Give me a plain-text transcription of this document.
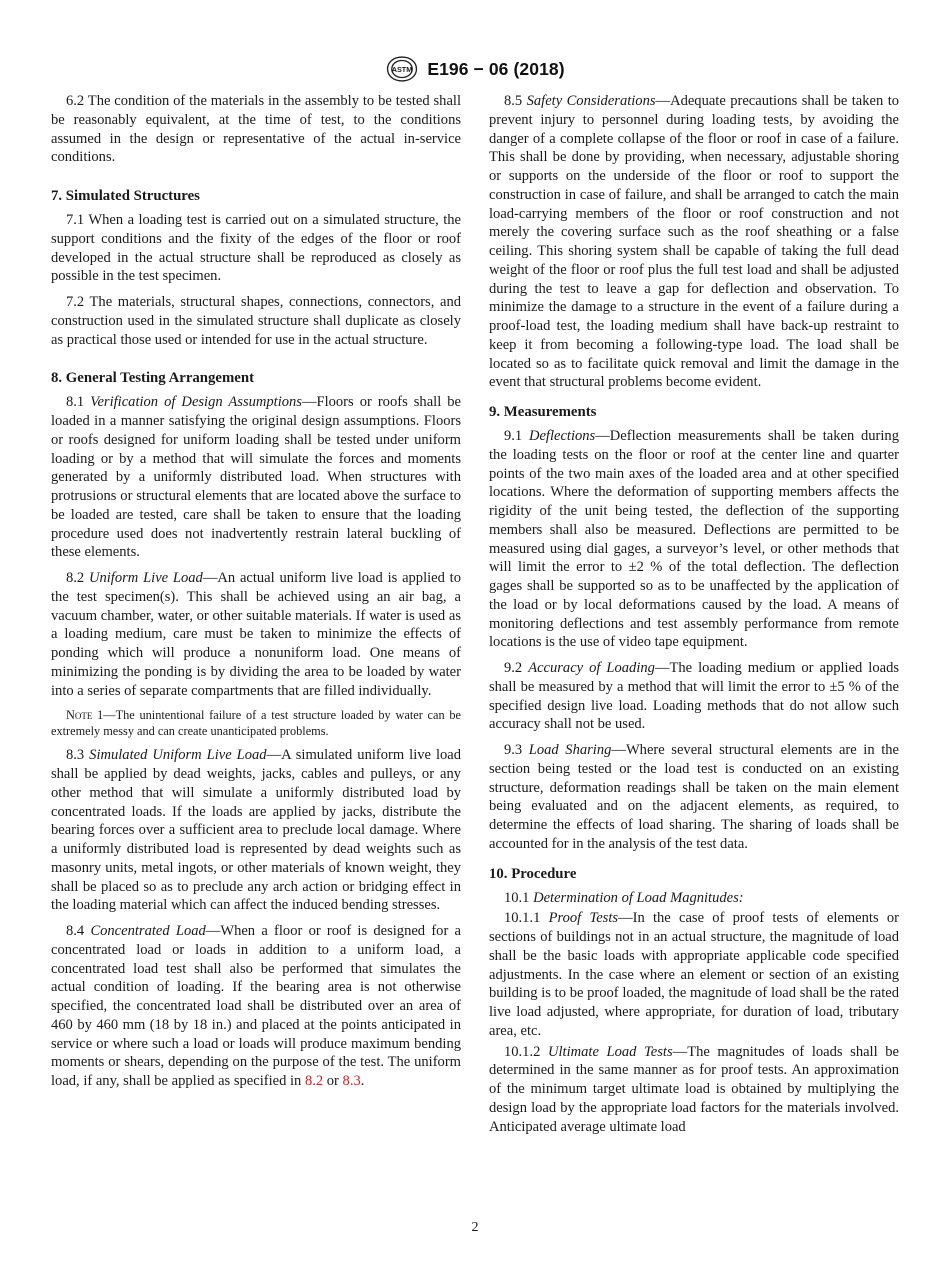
ASTM E196 − 06 (2018)

6.2 The condition of the materials in the assembly to be tested shall be reasonably equivalent, at the time of test, to the conditions assumed in the design or representative of the actual in-service conditions.

7. Simulated Structures

7.1 When a loading test is carried out on a simulated structure, the support conditions and the fixity of the edges of the floor or roof developed in the actual structure shall be reproduced as closely as possible in the test specimen.

7.2 The materials, structural shapes, connections, connectors, and construction used in the simulated structure shall duplicate as closely as practical those used or intended for use in the actual structure.

8. General Testing Arrangement

8.1 Verification of Design Assumptions—Floors or roofs shall be loaded in a manner satisfying the original design assumptions. Floors or roofs designed for uniform loading shall be tested under uniform loading or by a method that will simulate the forces and moments generated by a uniformly distributed load. When structures with protrusions or structural elements that are located above the surface to be loaded are tested, care shall be taken to ensure that the loading procedure used does not inadvertently restrain lateral buckling of these elements.

8.2 Uniform Live Load—An actual uniform live load is applied to the test specimen(s). This shall be achieved using an air bag, a vacuum chamber, water, or other suitable materials. If water is used as a loading medium, care must be taken to minimize the effects of ponding which will produce a nonuniform load. One means of minimizing the ponding is by dividing the area to be loaded by water into a series of separate compartments that are filled individually.

Note 1—The unintentional failure of a test structure loaded by water can be extremely messy and can create unanticipated problems.

8.3 Simulated Uniform Live Load—A simulated uniform live load shall be applied by dead weights, jacks, cables and pulleys, or any other method that will simulate a uniformly distributed load by concentrated loads. If the loads are applied by jacks, distribute the bearing forces over a sufficient area to preclude local damage. Where a uniformly distributed load is represented by dead weights such as masonry units, metal ingots, or other materials of known weight, they shall be placed so as to preclude any arch action or bridging effect in the loading material which can affect the induced bending stresses.

8.4 Concentrated Load—When a floor or roof is designed for a concentrated load or loads in addition to a uniform load, a concentrated load test shall also be performed that simulates the actual condition of loading. If the bearing area is not otherwise specified, the concentrated load shall be distributed over an area of 460 by 460 mm (18 by 18 in.) and placed at the points anticipated in service or where such a load or loads will produce maximum bending moments or shears, depending on the purpose of the test. The uniform load, if any, shall be applied as specified in 8.2 or 8.3.

8.5 Safety Considerations—Adequate precautions shall be taken to prevent injury to personnel during loading tests, by avoiding the danger of a complete collapse of the floor or roof in case of a failure. This shall be done by providing, when necessary, adjustable shoring or supports on the underside of the floor or roof to support the construction in case of failure, and shall be arranged to catch the main load-carrying members of the floor or roof construction and not merely the covering surface such as the roof sheathing or a false ceiling. This shoring system shall be capable of taking the full dead weight of the floor or roof plus the full test load and shall be adjusted during the test to leave a gap for deflection and observation. To minimize the damage to a structure in the event of a failure during a proof-load test, the loading medium shall have back-up restraint to keep it from becoming a following-type load. The load shall be located so as to facilitate quick removal and limit the damage in the event that structural problems become evident.

9. Measurements

9.1 Deflections—Deflection measurements shall be taken during the loading tests on the floor or roof at the center line and quarter points of the two main axes of the loaded area and at other specified locations. Where the deformation of supporting members affects the rigidity of the unit being tested, the deflection of the supporting members shall also be measured. Deflections are permitted to be measured using dial gages, a surveyor’s level, or other methods that will limit the error to ±2 % of the total deflection. The deflection gages shall be supported so as to be unaffected by the application of the load or by local deformations caused by the load. A means of monitoring deflections and test assembly performance from remote locations is the use of video tape equipment.

9.2 Accuracy of Loading—The loading medium or applied loads shall be measured by a method that will limit the error to ±5 % of the specified design live load. Loading methods that do not allow such accuracy shall not be used.

9.3 Load Sharing—Where several structural elements are in the section being tested or the load test is conducted on an existing structure, deformation readings shall be taken on the main element being evaluated and on the adjacent elements, as required, to determine the effects of load sharing. The sharing of loads shall be accounted for in the analysis of the test data.

10. Procedure

10.1 Determination of Load Magnitudes:

10.1.1 Proof Tests—In the case of proof tests of elements or sections of buildings not in an actual structure, the magnitude of load shall be the basic loads with appropriate applicable code specified adjustments. In the case where an element or section of an existing building is to be proof loaded, the magnitude of load shall be the rated live load adjusted, where appropriate, for duration of load, tributary area, etc.

10.1.2 Ultimate Load Tests—The magnitudes of loads shall be determined in the same manner as for proof tests. An approximation of the minimum target ultimate load is obtained by multiplying the design load by the appropriate load factors for the materials involved. Anticipated average ultimate load

2
